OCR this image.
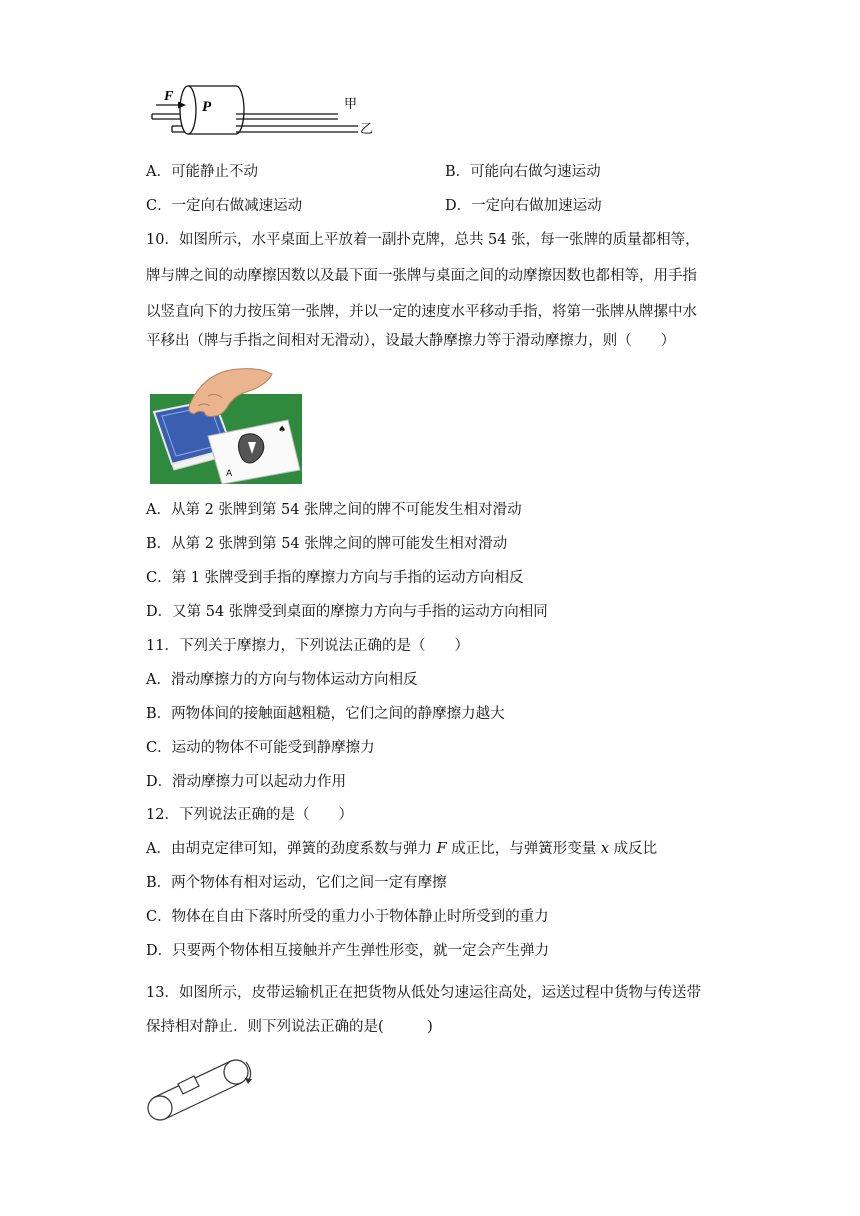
F
P	甲
乙
A．可能静止不动	B．可能向右做匀速运动
C．一定向右做减速运动	D．一定向右做加速运动
10．如图所示，水平桌面上平放着一副扑克牌，总共 54 张，每一张牌的质量都相等，
牌与牌之间的动摩擦因数以及最下面一张牌与桌面之间的动摩擦因数也都相等，用手指
以竖直向下的力按压第一张牌，并以一定的速度水平移动手指，将第一张牌从牌摞中水
平移出（牌与手指之间相对无滑动），设最大静摩擦力等于滑动摩擦力，则（　　）
♠
A
A．从第 2 张牌到第 54 张牌之间的牌不可能发生相对滑动
B．从第 2 张牌到第 54 张牌之间的牌可能发生相对滑动
C．第 1 张牌受到手指的摩擦力方向与手指的运动方向相反
D．又第 54 张牌受到桌面的摩擦力方向与手指的运动方向相同
11．下列关于摩擦力，下列说法正确的是（　　）
A．滑动摩擦力的方向与物体运动方向相反
B．两物体间的接触面越粗糙，它们之间的静摩擦力越大
C．运动的物体不可能受到静摩擦力
D．滑动摩擦力可以起动力作用
12．下列说法正确的是（　　）
A．由胡克定律可知，弹簧的劲度系数与弹力 F 成正比，与弹簧形变量 x 成反比
B．两个物体有相对运动，它们之间一定有摩擦
C．物体在自由下落时所受的重力小于物体静止时所受到的重力
D．只要两个物体相互接触并产生弹性形变，就一定会产生弹力
13．如图所示，皮带运输机正在把货物从低处匀速运往高处，运送过程中货物与传送带
保持相对静止．则下列说法正确的是(　　　)
